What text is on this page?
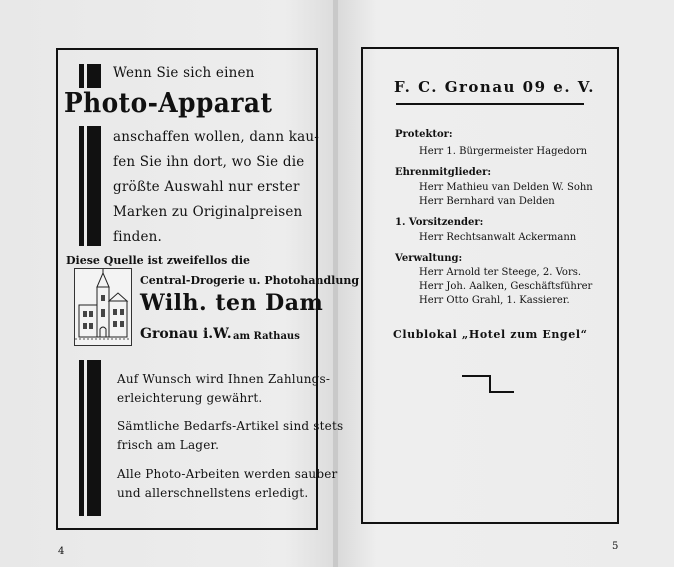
Wenn Sie sich einen
Photo-Apparat
anschaffen wollen, dann kau-
fen Sie ihn dort, wo Sie die
größte Auswahl nur erster
Marken zu Originalpreisen
finden.
Diese Quelle ist zweifellos die
Central-Drogerie u. Photohandlung
Wilh. ten Dam
Gronau i.W. am Rathaus
Auf Wunsch wird Ihnen Zahlungs-
erleichterung gewährt.
Sämtliche Bedarfs-Artikel sind stets
frisch am Lager.
Alle Photo-Arbeiten werden sauber
und allerschnellstens erledigt.
4
F. C. Gronau 09 e. V.
Protektor:
Herr 1. Bürgermeister Hagedorn
Ehrenmitglieder:
Herr Mathieu van Delden W. Sohn
Herr Bernhard van Delden
1. Vorsitzender:
Herr Rechtsanwalt Ackermann
Verwaltung:
Herr Arnold ter Steege, 2. Vors.
Herr Joh. Aalken, Geschäftsführer
Herr Otto Grahl, 1. Kassierer.
Clublokal „Hotel zum Engel“
5
